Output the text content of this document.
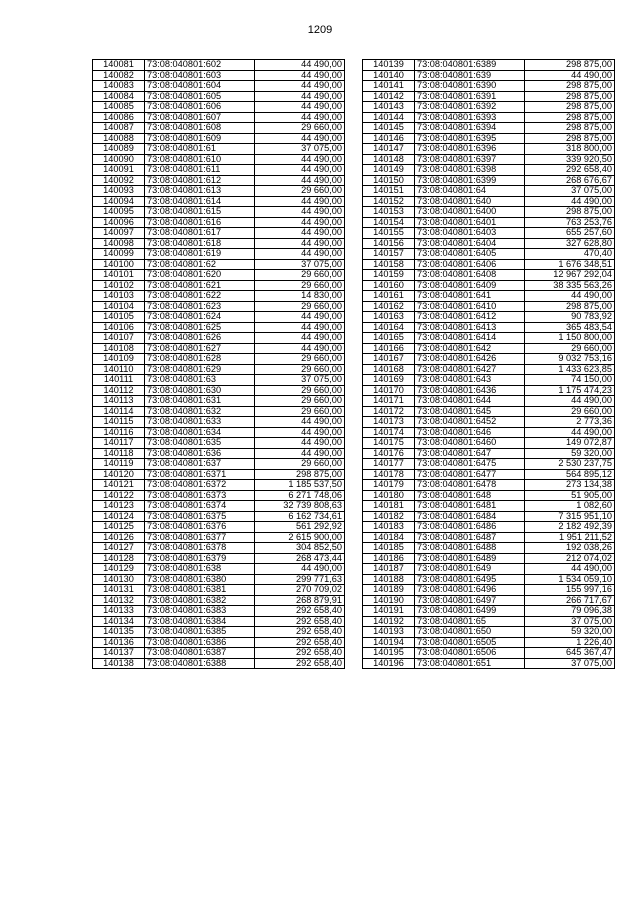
1209
140081	73:08:040801:602	44 490,00
140082	73:08:040801:603	44 490,00
140083	73:08:040801:604	44 490,00
140084	73:08:040801:605	44 490,00
140085	73:08:040801:606	44 490,00
140086	73:08:040801:607	44 490,00
140087	73:08:040801:608	29 660,00
140088	73:08:040801:609	44 490,00
140089	73:08:040801:61	37 075,00
140090	73:08:040801:610	44 490,00
140091	73:08:040801:611	44 490,00
140092	73:08:040801:612	44 490,00
140093	73:08:040801:613	29 660,00
140094	73:08:040801:614	44 490,00
140095	73:08:040801:615	44 490,00
140096	73:08:040801:616	44 490,00
140097	73:08:040801:617	44 490,00
140098	73:08:040801:618	44 490,00
140099	73:08:040801:619	44 490,00
140100	73:08:040801:62	37 075,00
140101	73:08:040801:620	29 660,00
140102	73:08:040801:621	29 660,00
140103	73:08:040801:622	14 830,00
140104	73:08:040801:623	29 660,00
140105	73:08:040801:624	44 490,00
140106	73:08:040801:625	44 490,00
140107	73:08:040801:626	44 490,00
140108	73:08:040801:627	44 490,00
140109	73:08:040801:628	29 660,00
140110	73:08:040801:629	29 660,00
140111	73:08:040801:63	37 075,00
140112	73:08:040801:630	29 660,00
140113	73:08:040801:631	29 660,00
140114	73:08:040801:632	29 660,00
140115	73:08:040801:633	44 490,00
140116	73:08:040801:634	44 490,00
140117	73:08:040801:635	44 490,00
140118	73:08:040801:636	44 490,00
140119	73:08:040801:637	29 660,00
140120	73:08:040801:6371	298 875,00
140121	73:08:040801:6372	1 185 537,50
140122	73:08:040801:6373	6 271 748,06
140123	73:08:040801:6374	32 739 808,63
140124	73:08:040801:6375	6 162 734,61
140125	73:08:040801:6376	561 292,92
140126	73:08:040801:6377	2 615 900,00
140127	73:08:040801:6378	304 852,50
140128	73:08:040801:6379	268 473,44
140129	73:08:040801:638	44 490,00
140130	73:08:040801:6380	299 771,63
140131	73:08:040801:6381	270 709,02
140132	73:08:040801:6382	268 879,91
140133	73:08:040801:6383	292 658,40
140134	73:08:040801:6384	292 658,40
140135	73:08:040801:6385	292 658,40
140136	73:08:040801:6386	292 658,40
140137	73:08:040801:6387	292 658,40
140138	73:08:040801:6388	292 658,40
140139	73:08:040801:6389	298 875,00
140140	73:08:040801:639	44 490,00
140141	73:08:040801:6390	298 875,00
140142	73:08:040801:6391	298 875,00
140143	73:08:040801:6392	298 875,00
140144	73:08:040801:6393	298 875,00
140145	73:08:040801:6394	298 875,00
140146	73:08:040801:6395	298 875,00
140147	73:08:040801:6396	318 800,00
140148	73:08:040801:6397	339 920,50
140149	73:08:040801:6398	292 658,40
140150	73:08:040801:6399	268 676,67
140151	73:08:040801:64	37 075,00
140152	73:08:040801:640	44 490,00
140153	73:08:040801:6400	298 875,00
140154	73:08:040801:6401	763 253,76
140155	73:08:040801:6403	655 257,60
140156	73:08:040801:6404	327 628,80
140157	73:08:040801:6405	470,40
140158	73:08:040801:6406	1 676 348,51
140159	73:08:040801:6408	12 967 292,04
140160	73:08:040801:6409	38 335 563,26
140161	73:08:040801:641	44 490,00
140162	73:08:040801:6410	298 875,00
140163	73:08:040801:6412	90 783,92
140164	73:08:040801:6413	365 483,54
140165	73:08:040801:6414	1 150 800,00
140166	73:08:040801:642	29 660,00
140167	73:08:040801:6426	9 032 753,16
140168	73:08:040801:6427	1 433 623,85
140169	73:08:040801:643	74 150,00
140170	73:08:040801:6436	1 175 474,23
140171	73:08:040801:644	44 490,00
140172	73:08:040801:645	29 660,00
140173	73:08:040801:6452	2 773,36
140174	73:08:040801:646	44 490,00
140175	73:08:040801:6460	149 072,87
140176	73:08:040801:647	59 320,00
140177	73:08:040801:6475	2 530 237,75
140178	73:08:040801:6477	564 895,12
140179	73:08:040801:6478	273 134,38
140180	73:08:040801:648	51 905,00
140181	73:08:040801:6481	1 082,60
140182	73:08:040801:6484	7 315 951,10
140183	73:08:040801:6486	2 182 492,39
140184	73:08:040801:6487	1 951 211,52
140185	73:08:040801:6488	192 038,26
140186	73:08:040801:6489	212 074,02
140187	73:08:040801:649	44 490,00
140188	73:08:040801:6495	1 534 059,10
140189	73:08:040801:6496	155 997,16
140190	73:08:040801:6497	266 717,67
140191	73:08:040801:6499	79 096,38
140192	73:08:040801:65	37 075,00
140193	73:08:040801:650	59 320,00
140194	73:08:040801:6505	1 226,40
140195	73:08:040801:6506	645 367,47
140196	73:08:040801:651	37 075,00
